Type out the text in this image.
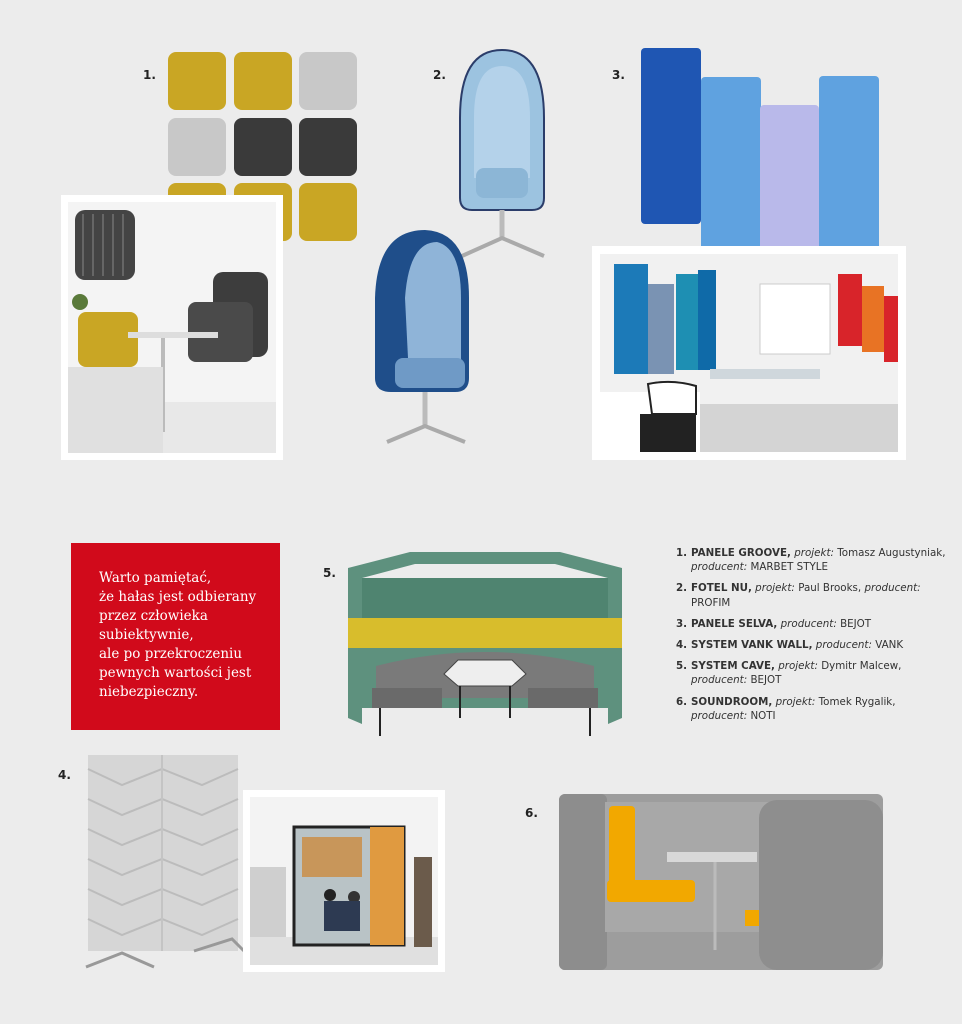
1.	2.	3.
4.
5.
6.
Warto pamiętać,
że hałas jest odbierany
przez człowieka
subiektywnie,
ale po przekroczeniu
pewnych wartości jest
niebezpieczny.
1. PANELE GROOVE, projekt: Tomasz Augustyniak, producent: MARBET STYLE
2. FOTEL NU, projekt: Paul Brooks, producent: PROFIM
3. PANELE SELVA, producent: BEJOT
4. SYSTEM VANK WALL, producent: VANK
5. SYSTEM CAVE, projekt: Dymitr Malcew, producent: BEJOT
6. SOUNDROOM, projekt: Tomek Rygalik, producent: NOTI
